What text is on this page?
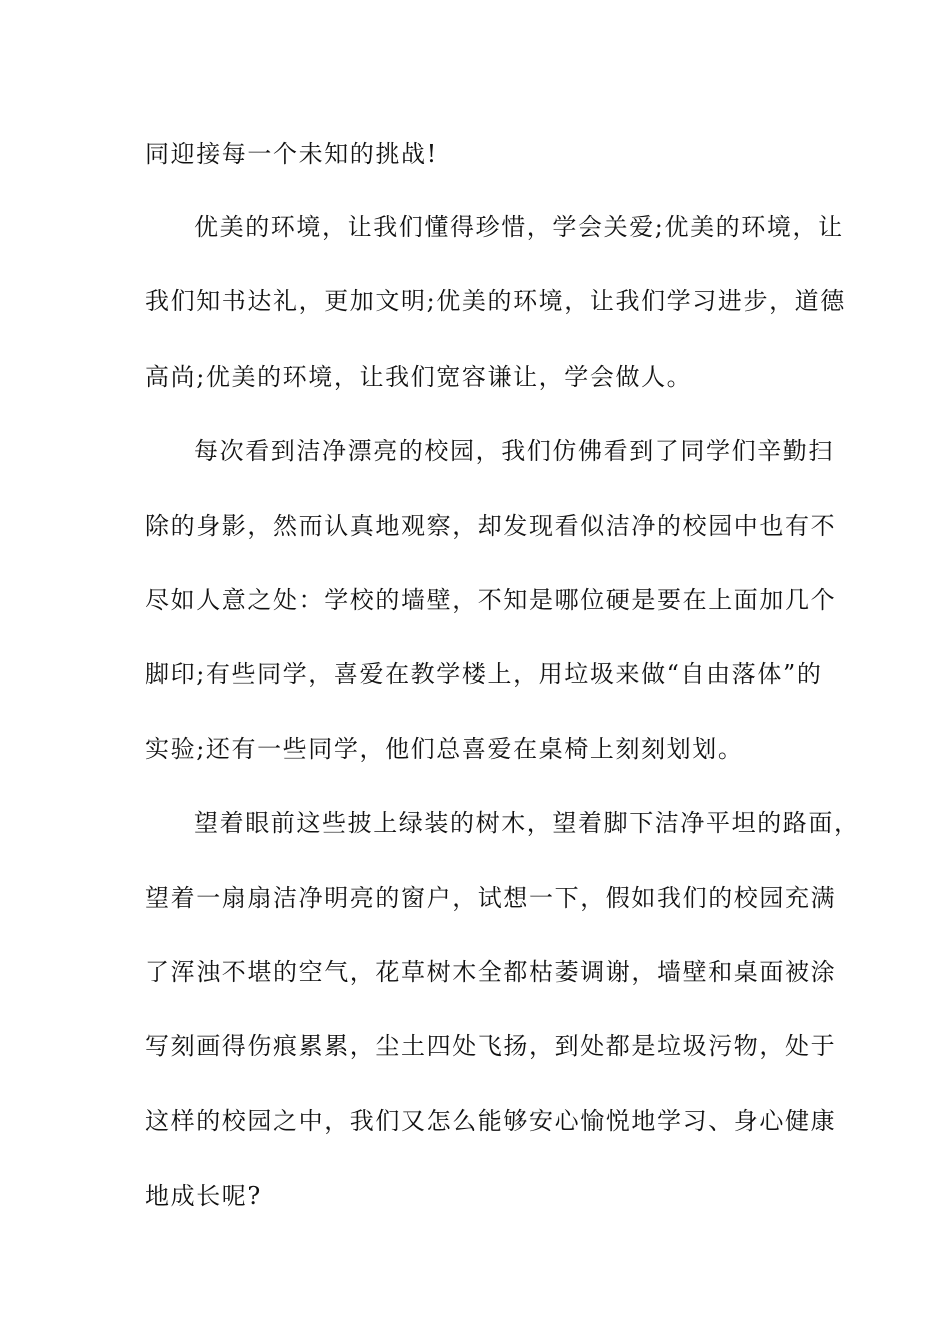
同迎接每一个未知的挑战!
优美的环境，让我们懂得珍惜，学会关爱;优美的环境，让
我们知书达礼，更加文明;优美的环境，让我们学习进步，道德
高尚;优美的环境，让我们宽容谦让，学会做人。
每次看到洁净漂亮的校园，我们仿佛看到了同学们辛勤扫
除的身影，然而认真地观察，却发现看似洁净的校园中也有不
尽如人意之处：学校的墙壁，不知是哪位硬是要在上面加几个
脚印;有些同学，喜爱在教学楼上，用垃圾来做“自由落体”的
实验;还有一些同学，他们总喜爱在桌椅上刻刻划划。
望着眼前这些披上绿装的树木，望着脚下洁净平坦的路面，
望着一扇扇洁净明亮的窗户，试想一下，假如我们的校园充满
了浑浊不堪的空气，花草树木全都枯萎调谢，墙壁和桌面被涂
写刻画得伤痕累累，尘土四处飞扬，到处都是垃圾污物，处于
这样的校园之中，我们又怎么能够安心愉悦地学习、身心健康
地成长呢?
